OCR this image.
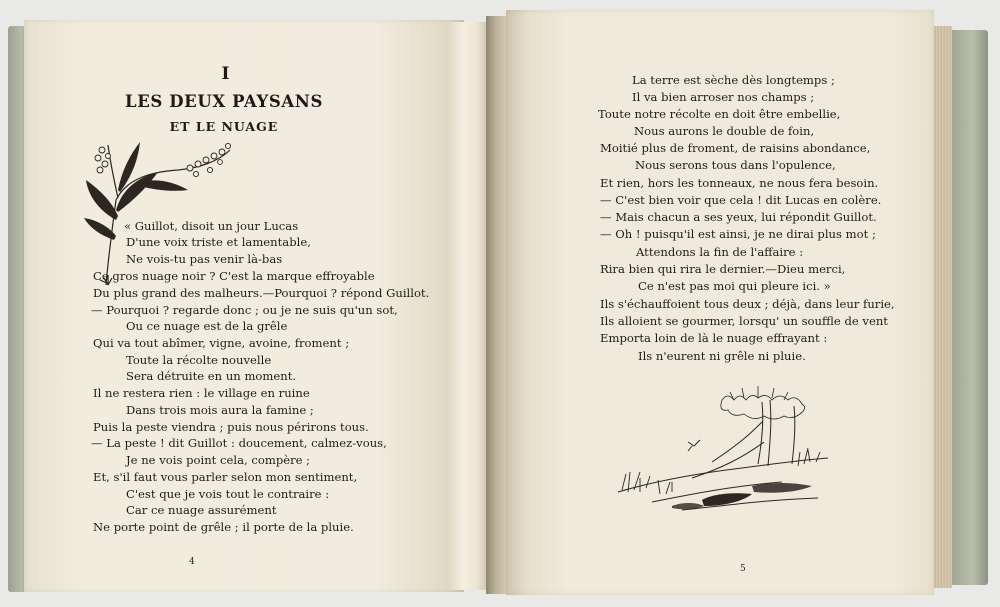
I
LES DEUX PAYSANS
ET LE NUAGE
« Guillot, disoit un jour Lucas
D'une voix triste et lamentable,
Ne vois-tu pas venir là-bas
Ce gros nuage noir ? C'est la marque effroyable
Du plus grand des malheurs.—Pourquoi ? répond Guillot.
— Pourquoi ? regarde donc ; ou je ne suis qu'un sot,
Ou ce nuage est de la grêle
Qui va tout abîmer, vigne, avoine, froment ;
Toute la récolte nouvelle
Sera détruite en un moment.
Il ne restera rien : le village en ruine
Dans trois mois aura la famine ;
Puis la peste viendra ; puis nous périrons tous.
— La peste ! dit Guillot : doucement, calmez-vous,
Je ne vois point cela, compère ;
Et, s'il faut vous parler selon mon sentiment,
C'est que je vois tout le contraire :
Car ce nuage assurément
Ne porte point de grêle ; il porte de la pluie.
4
La terre est sèche dès longtemps ;
Il va bien arroser nos champs ;
Toute notre récolte en doit être embellie,
Nous aurons le double de foin,
Moitié plus de froment, de raisins abondance,
Nous serons tous dans l'opulence,
Et rien, hors les tonneaux, ne nous fera besoin.
— C'est bien voir que cela ! dit Lucas en colère.
— Mais chacun a ses yeux, lui répondit Guillot.
— Oh ! puisqu'il est ainsi, je ne dirai plus mot ;
Attendons la fin de l'affaire :
Rira bien qui rira le dernier.—Dieu merci,
Ce n'est pas moi qui pleure ici. »
Ils s'échauffoient tous deux ; déjà, dans leur furie,
Ils alloient se gourmer, lorsqu' un souffle de vent
Emporta loin de là le nuage effrayant :
Ils n'eurent ni grêle ni pluie.
5
